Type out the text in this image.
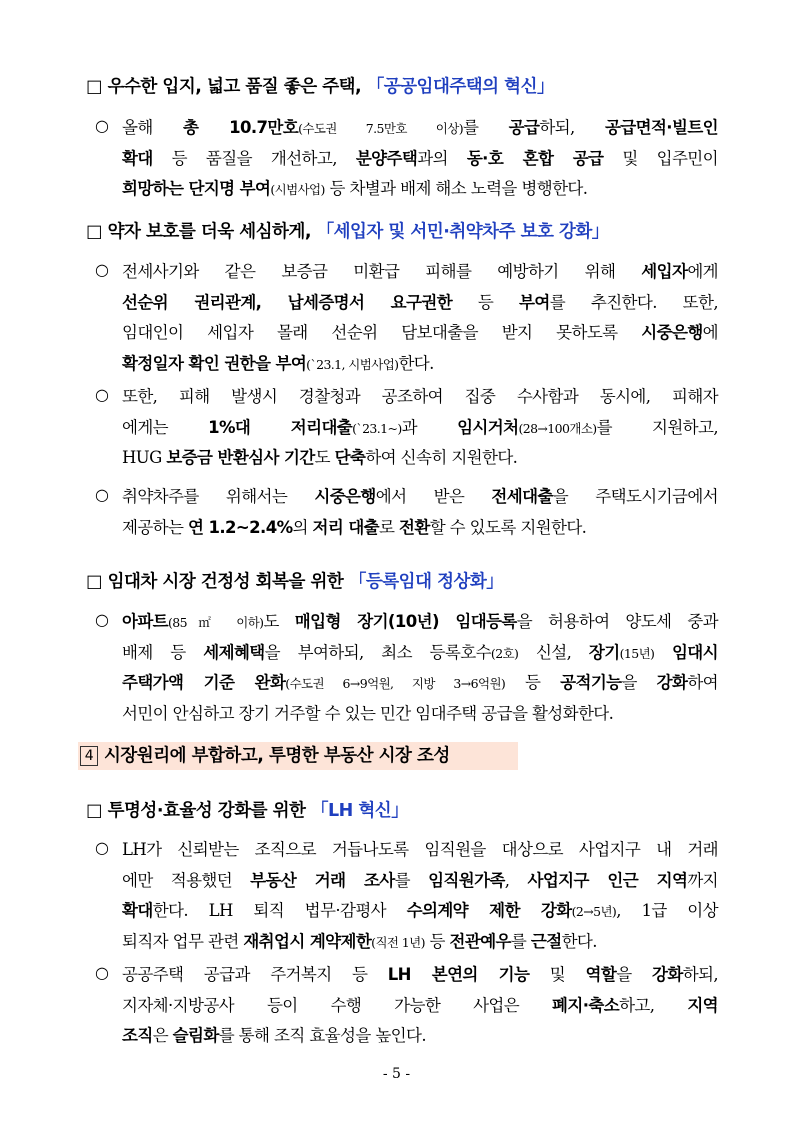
□ 우수한 입지, 넓고 품질 좋은 주택, 「공공임대주택의 혁신」
□ 약자 보호를 더욱 세심하게, 「세입자 및 서민·취약차주 보호 강화」
□ 임대차 시장 건정성 회복을 위한 「등록임대 정상화」
4 시장원리에 부합하고, 투명한 부동산 시장 조성
□ 투명성·효율성 강화를 위한 「LH 혁신」
○ 올해 총 10.7만호(수도권 7.5만호 이상)를 공급하되, 공급면적·빌트인
확대 등 품질을 개선하고, 분양주택과의 동·호 혼합 공급 및 입주민이
희망하는 단지명 부여(시범사업) 등 차별과 배제 해소 노력을 병행한다.
○ 전세사기와 같은 보증금 미환급 피해를 예방하기 위해 세입자에게
선순위 권리관계, 납세증명서 요구권한 등 부여를 추진한다. 또한,
임대인이 세입자 몰래 선순위 담보대출을 받지 못하도록 시중은행에
확정일자 확인 권한을 부여(`23.1, 시범사업)한다.
○ 또한, 피해 발생시 경찰청과 공조하여 집중 수사함과 동시에, 피해자
에게는 1%대 저리대출(`23.1~)과 임시거처(28→100개소)를 지원하고,
HUG 보증금 반환심사 기간도 단축하여 신속히 지원한다.
○ 취약차주를 위해서는 시중은행에서 받은 전세대출을 주택도시기금에서
제공하는 연 1.2~2.4%의 저리 대출로 전환할 수 있도록 지원한다.
○ 아파트(85㎡ 이하)도 매입형 장기(10년) 임대등록을 허용하여 양도세 중과
배제 등 세제혜택을 부여하되, 최소 등록호수(2호) 신설, 장기(15년) 임대시
주택가액 기준 완화(수도권 6→9억원, 지방 3→6억원) 등 공적기능을 강화하여
서민이 안심하고 장기 거주할 수 있는 민간 임대주택 공급을 활성화한다.
○ LH가 신뢰받는 조직으로 거듭나도록 임직원을 대상으로 사업지구 내 거래
에만 적용했던 부동산 거래 조사를 임직원가족, 사업지구 인근 지역까지
확대한다. LH 퇴직 법무·감평사 수의계약 제한 강화(2→5년), 1급 이상
퇴직자 업무 관련 재취업시 계약제한(직전 1년) 등 전관예우를 근절한다.
○ 공공주택 공급과 주거복지 등 LH 본연의 기능 및 역할을 강화하되,
지자체·지방공사 등이 수행 가능한 사업은 폐지·축소하고, 지역
조직은 슬림화를 통해 조직 효율성을 높인다.
- 5 -
